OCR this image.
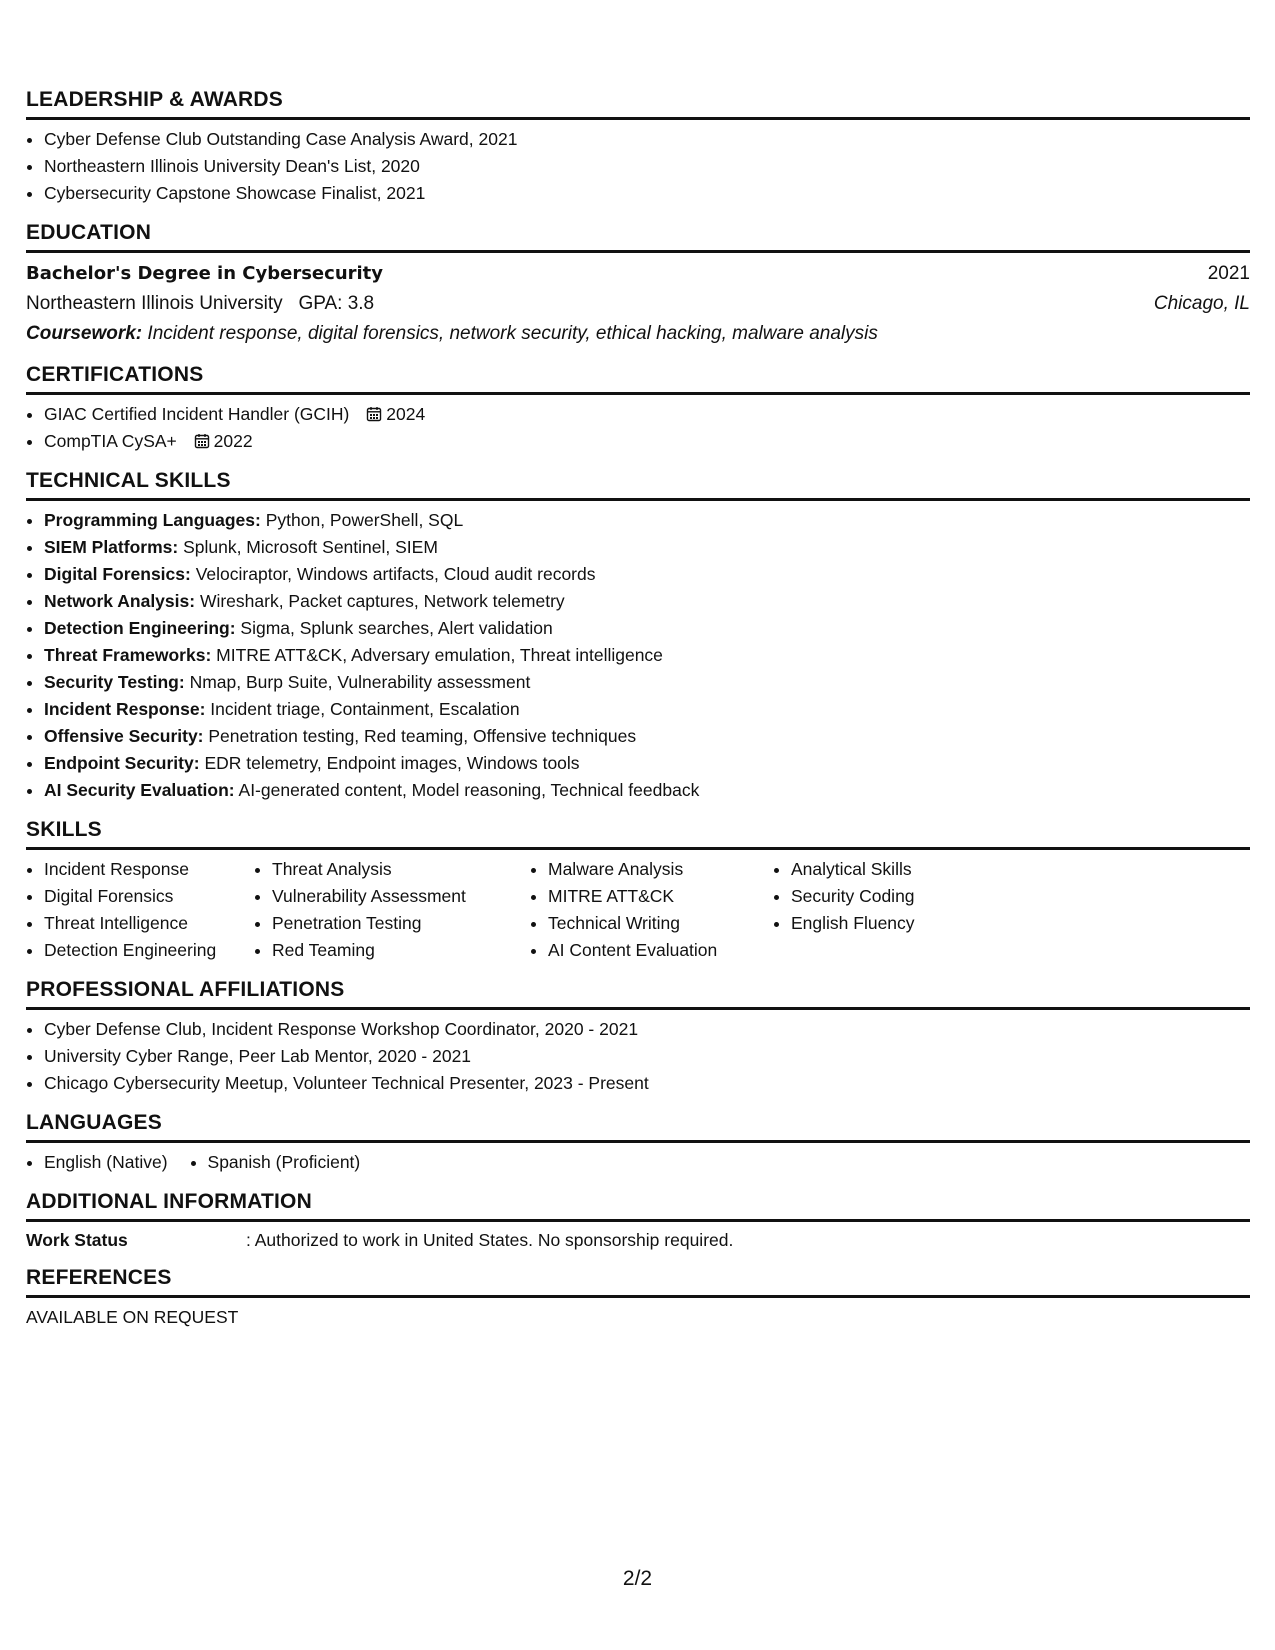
LEADERSHIP & AWARDS
• Cyber Defense Club Outstanding Case Analysis Award, 2021
• Northeastern Illinois University Dean's List, 2020
• Cybersecurity Capstone Showcase Finalist, 2021
EDUCATION
Bachelor's Degree in Cybersecurity	2021
Northeastern Illinois University GPA: 3.8	Chicago, IL
Coursework: Incident response, digital forensics, network security, ethical hacking, malware analysis
CERTIFICATIONS
• GIAC Certified Incident Handler (GCIH) 2024
• CompTIA CySA+ 2022
TECHNICAL SKILLS
• Programming Languages: Python, PowerShell, SQL
• SIEM Platforms: Splunk, Microsoft Sentinel, SIEM
• Digital Forensics: Velociraptor, Windows artifacts, Cloud audit records
• Network Analysis: Wireshark, Packet captures, Network telemetry
• Detection Engineering: Sigma, Splunk searches, Alert validation
• Threat Frameworks: MITRE ATT&CK, Adversary emulation, Threat intelligence
• Security Testing: Nmap, Burp Suite, Vulnerability assessment
• Incident Response: Incident triage, Containment, Escalation
• Offensive Security: Penetration testing, Red teaming, Offensive techniques
• Endpoint Security: EDR telemetry, Endpoint images, Windows tools
• AI Security Evaluation: AI-generated content, Model reasoning, Technical feedback
SKILLS
• Incident Response
• Digital Forensics
• Threat Intelligence
• Detection Engineering
• Threat Analysis
• Vulnerability Assessment
• Penetration Testing
• Red Teaming
• Malware Analysis
• MITRE ATT&CK
• Technical Writing
• AI Content Evaluation
• Analytical Skills
• Security Coding
• English Fluency
PROFESSIONAL AFFILIATIONS
• Cyber Defense Club, Incident Response Workshop Coordinator, 2020 - 2021
• University Cyber Range, Peer Lab Mentor, 2020 - 2021
• Chicago Cybersecurity Meetup, Volunteer Technical Presenter, 2023 - Present
LANGUAGES
• English (Native)
• Spanish (Proficient)
ADDITIONAL INFORMATION
Work Status	: Authorized to work in United States. No sponsorship required.
REFERENCES
AVAILABLE ON REQUEST
2/2
